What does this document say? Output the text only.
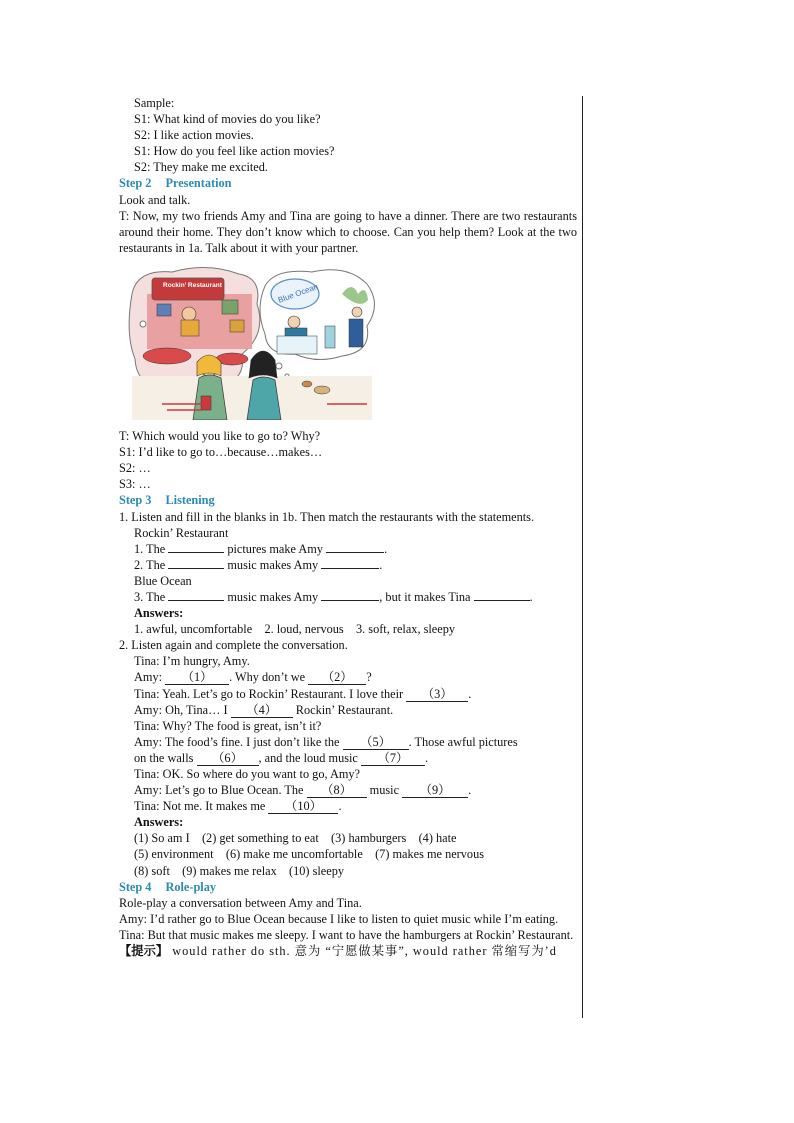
Sample:
S1: What kind of movies do you like?
S2: I like action movies.
S1: How do you feel like action movies?
S2: They make me excited.
Step 2 Presentation
Look and talk.
T: Now, my two friends Amy and Tina are going to have a dinner. There are two restaurants around their home. They don’t know which to choose. Can you help them? Look at the two restaurants in 1a. Talk about it with your partner.
Rockin’ Restaurant	Blue Ocean
T: Which would you like to go to? Why?
S1: I’d like to go to…because…makes…
S2: …
S3: …
Step 3 Listening
1. Listen and fill in the blanks in 1b. Then match the restaurants with the statements.
Rockin’ Restaurant
1. The	pictures make Amy	.
2. The	music makes Amy	.
Blue Ocean
3. The	music makes Amy	, but it makes Tina	.
Answers:
1. awful, uncomfortable    2. loud, nervous    3. soft, relax, sleepy
2. Listen again and complete the conversation.
Tina: I’m hungry, Amy.
Amy: （1） . Why don’t we （2） ?
Tina: Yeah. Let’s go to Rockin’ Restaurant. I love their （3） .
Amy: Oh, Tina… I （4） Rockin’ Restaurant.
Tina: Why? The food is great, isn’t it?
Amy: The food’s fine. I just don’t like the （5） . Those awful pictures
on the walls （6） , and the loud music （7） .
Tina: OK. So where do you want to go, Amy?
Amy: Let’s go to Blue Ocean. The （8） music （9） .
Tina: Not me. It makes me （10） .
Answers:
(1) So am I    (2) get something to eat    (3) hamburgers    (4) hate
(5) environment    (6) make me uncomfortable    (7) makes me nervous
(8) soft    (9) makes me relax    (10) sleepy
Step 4 Role-play
Role-play a conversation between Amy and Tina.
Amy: I’d rather go to Blue Ocean because I like to listen to quiet music while I’m eating.
Tina: But that music makes me sleepy. I want to have the hamburgers at Rockin’ Restaurant.
【提示】 would rather do sth. 意为 “宁愿做某事”, would rather 常缩写为’d
